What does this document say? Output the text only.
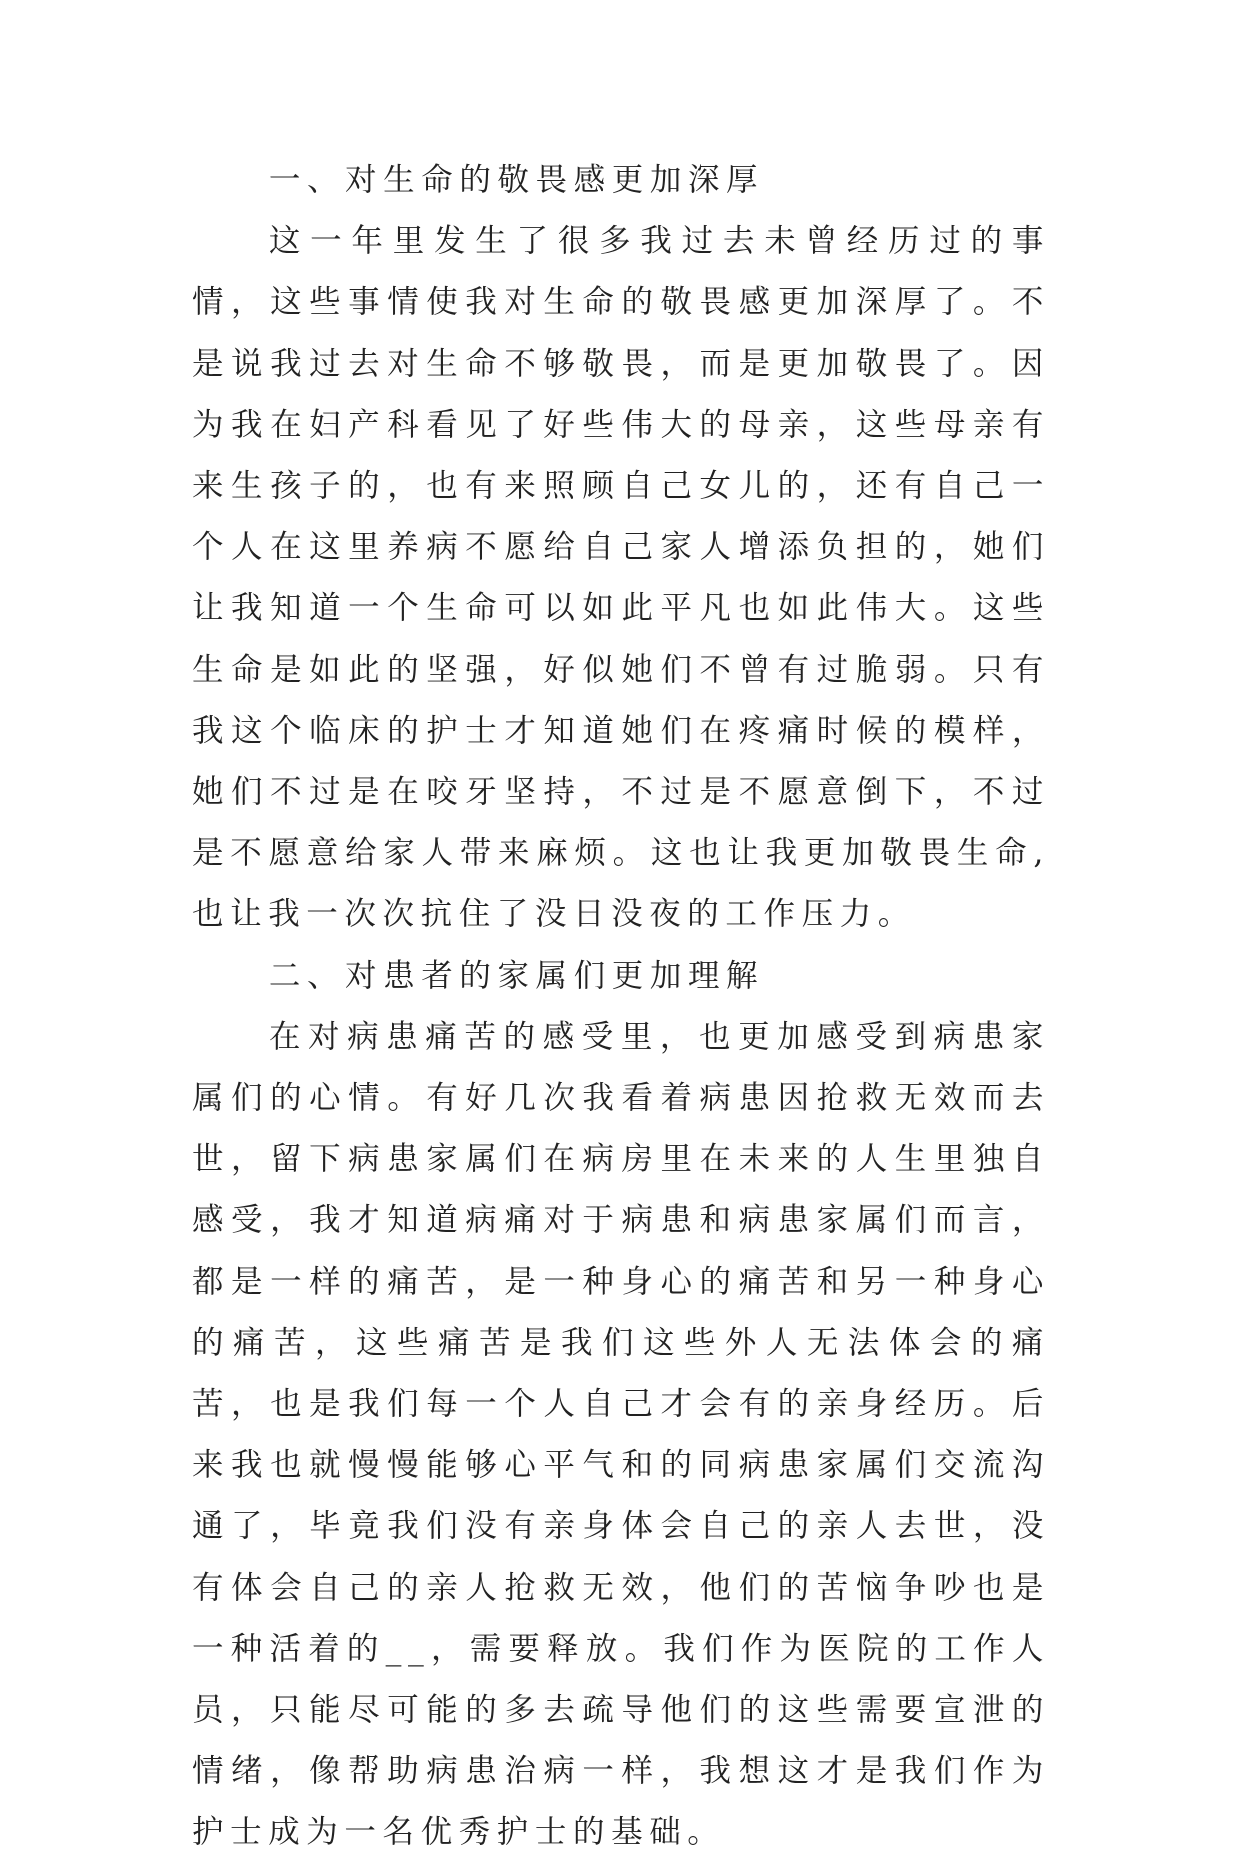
一、对生命的敬畏感更加深厚

这一年里发生了很多我过去未曾经历过的事情，这些事情使我对生命的敬畏感更加深厚了。不是说我过去对生命不够敬畏，而是更加敬畏了。因为我在妇产科看见了好些伟大的母亲，这些母亲有来生孩子的，也有来照顾自己女儿的，还有自己一个人在这里养病不愿给自己家人增添负担的，她们让我知道一个生命可以如此平凡也如此伟大。这些生命是如此的坚强，好似她们不曾有过脆弱。只有我这个临床的护士才知道她们在疼痛时候的模样，她们不过是在咬牙坚持，不过是不愿意倒下，不过是不愿意给家人带来麻烦。这也让我更加敬畏生命,也让我一次次抗住了没日没夜的工作压力。

二、对患者的家属们更加理解

在对病患痛苦的感受里，也更加感受到病患家属们的心情。有好几次我看着病患因抢救无效而去世，留下病患家属们在病房里在未来的人生里独自感受，我才知道病痛对于病患和病患家属们而言，都是一样的痛苦，是一种身心的痛苦和另一种身心的痛苦，这些痛苦是我们这些外人无法体会的痛苦，也是我们每一个人自己才会有的亲身经历。后来我也就慢慢能够心平气和的同病患家属们交流沟通了，毕竟我们没有亲身体会自己的亲人去世，没有体会自己的亲人抢救无效，他们的苦恼争吵也是一种活着的__，需要释放。我们作为医院的工作人员，只能尽可能的多去疏导他们的这些需要宣泄的情绪，像帮助病患治病一样，我想这才是我们作为护士成为一名优秀护士的基础。
